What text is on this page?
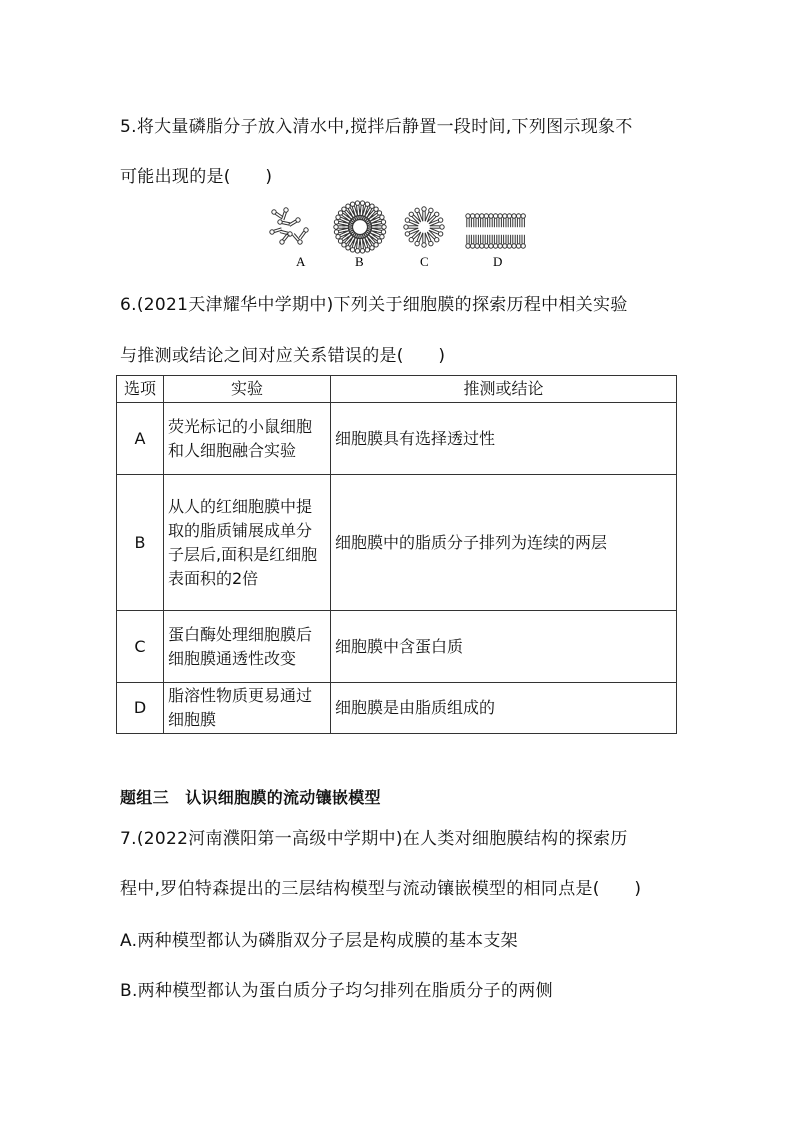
5.将大量磷脂分子放入清水中,搅拌后静置一段时间,下列图示现象不
可能出现的是(　　)
A	B	C	D
6.(2021天津耀华中学期中)下列关于细胞膜的探索历程中相关实验
与推测或结论之间对应关系错误的是(　　)
选项	实验	推测或结论
A	荧光标记的小鼠细胞和人细胞融合实验	细胞膜具有选择透过性
B	从人的红细胞膜中提取的脂质铺展成单分子层后,面积是红细胞表面积的2倍	细胞膜中的脂质分子排列为连续的两层
C	蛋白酶处理细胞膜后细胞膜通透性改变	细胞膜中含蛋白质
D	脂溶性物质更易通过细胞膜	细胞膜是由脂质组成的
题组三　认识细胞膜的流动镶嵌模型
7.(2022河南濮阳第一高级中学期中)在人类对细胞膜结构的探索历
程中,罗伯特森提出的三层结构模型与流动镶嵌模型的相同点是(　　)
A.两种模型都认为磷脂双分子层是构成膜的基本支架
B.两种模型都认为蛋白质分子均匀排列在脂质分子的两侧
